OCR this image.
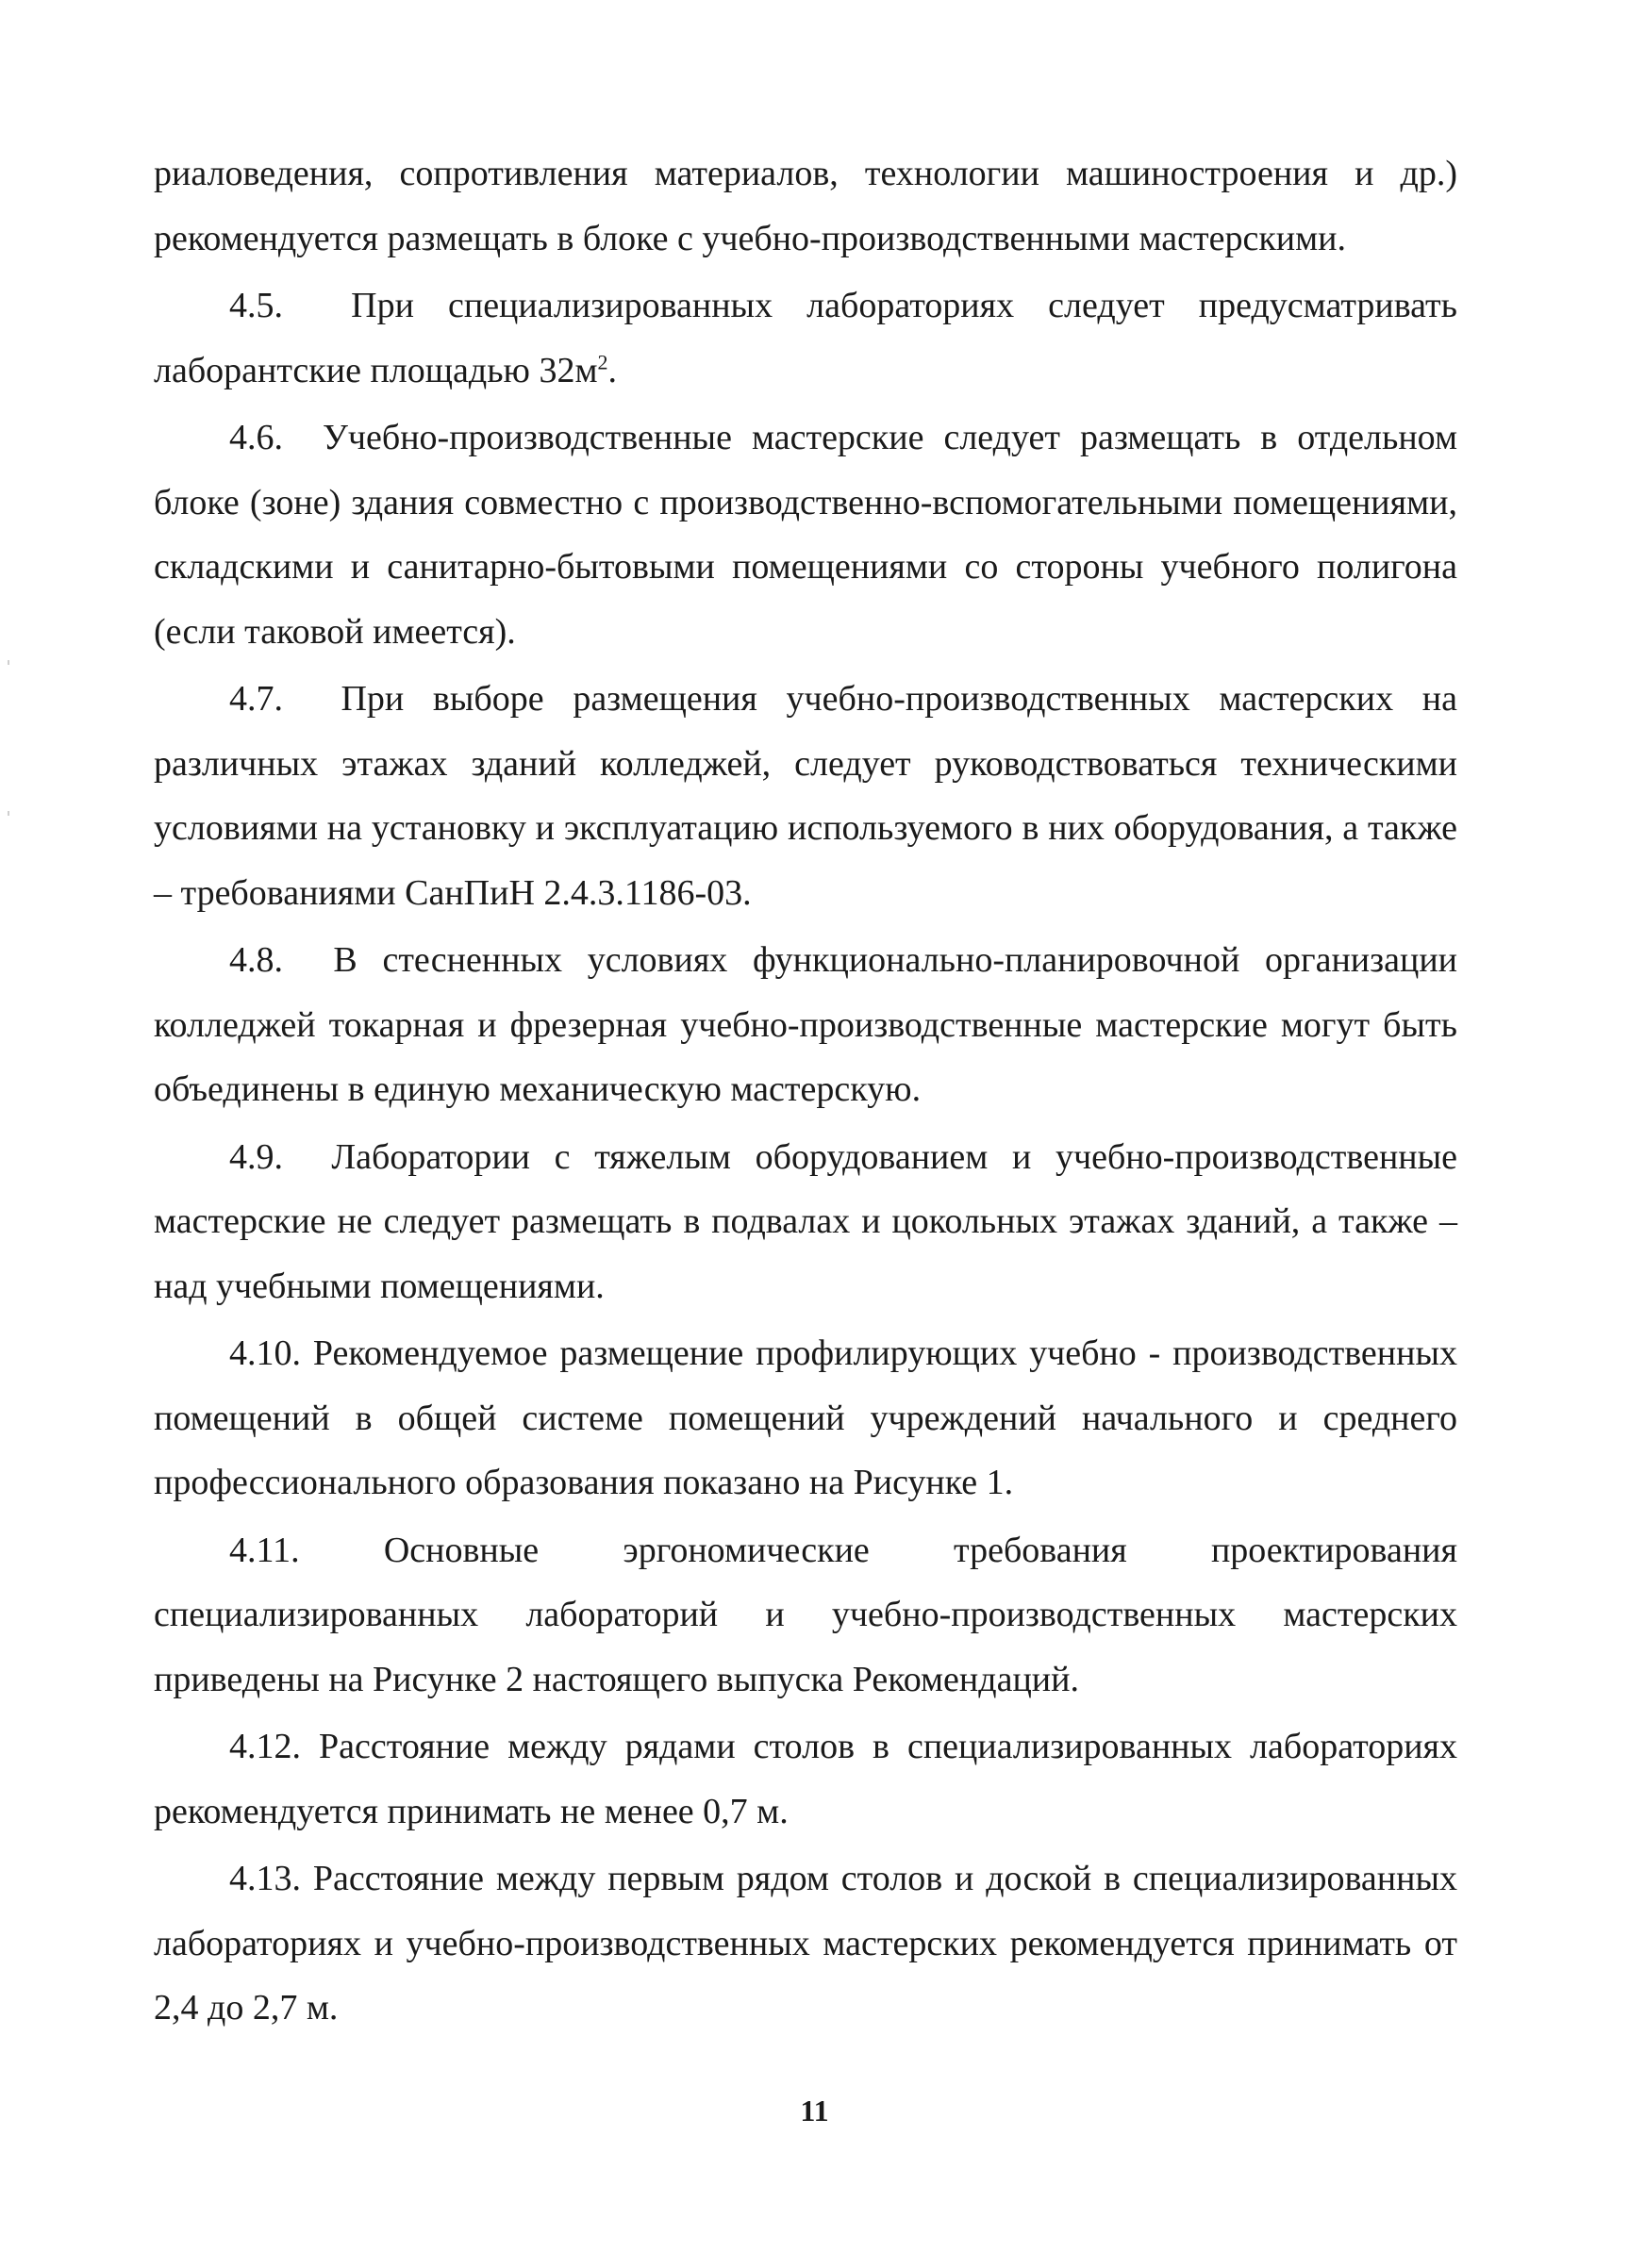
риаловедения, сопротивления материалов, технологии машиностроения и др.) рекомендуется размещать в блоке с учебно-производственными мастерскими.

4.5. При специализированных лабораториях следует предусматривать лаборантские площадью $32м^2$.

4.6. Учебно-производственные мастерские следует размещать в отдельном блоке (зоне) здания совместно с производственно-вспомогательными помещениями, складскими и санитарно-бытовыми помещениями со стороны учебного полигона (если таковой имеется).

4.7. При выборе размещения учебно-производственных мастерских на различных этажах зданий колледжей, следует руководствоваться техническими условиями на установку и эксплуатацию используемого в них оборудования, а также – требованиями СанПиН 2.4.3.1186-03.

4.8. В стесненных условиях функционально-планировочной организации колледжей токарная и фрезерная учебно-производственные мастерские могут быть объединены в единую механическую мастерскую.

4.9. Лаборатории с тяжелым оборудованием и учебно-производственные мастерские не следует размещать в подвалах и цокольных этажах зданий, а также – над учебными помещениями.

4.10. Рекомендуемое размещение профилирующих учебно - производственных помещений в общей системе помещений учреждений начального и среднего профессионального образования показано на Рисунке 1.

4.11. Основные эргономические требования проектирования специализированных лабораторий и учебно-производственных мастерских приведены на Рисунке 2 настоящего выпуска Рекомендаций.

4.12. Расстояние между рядами столов в специализированных лабораториях рекомендуется принимать не менее 0,7 м.

4.13. Расстояние между первым рядом столов и доской в специализированных лабораториях и учебно-производственных мастерских рекомендуется принимать от 2,4 до 2,7 м.

11
